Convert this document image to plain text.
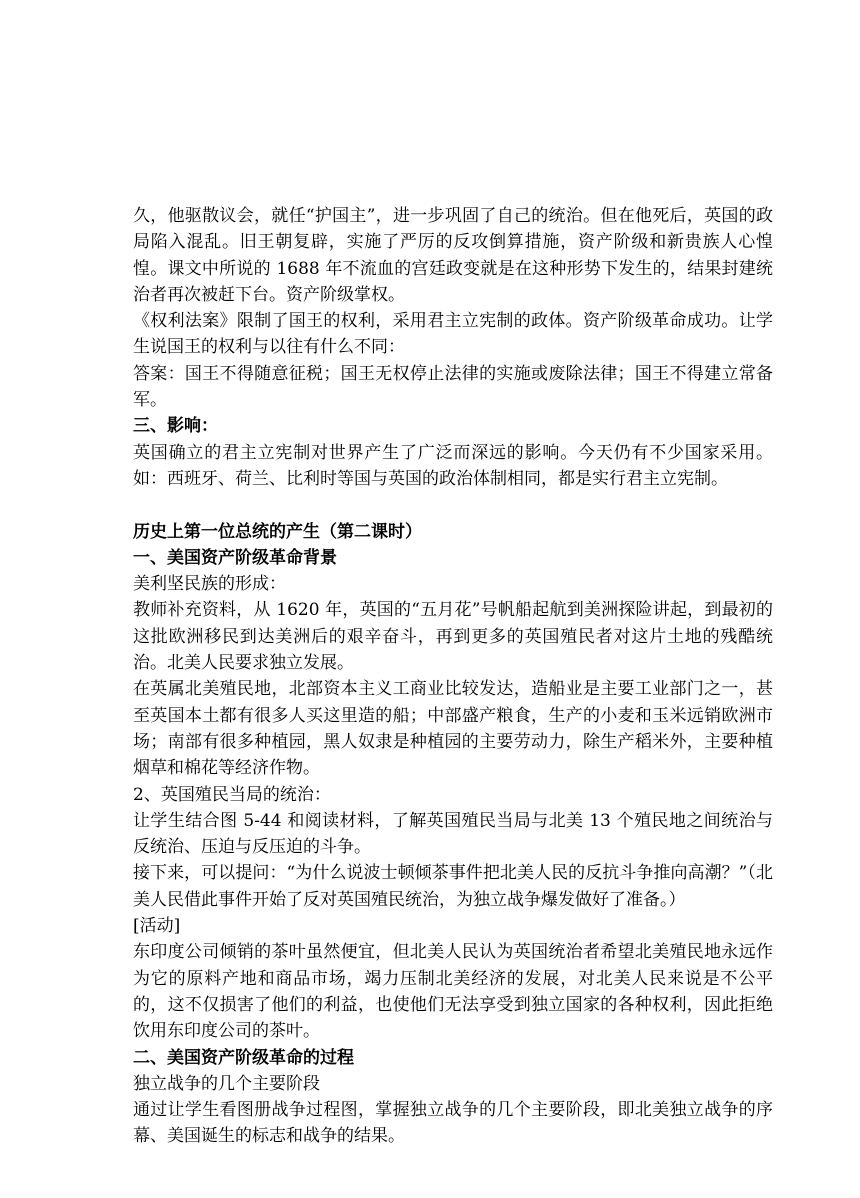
久，他驱散议会，就任“护国主”，进一步巩固了自己的统治。但在他死后，英国的政局陷入混乱。旧王朝复辟，实施了严厉的反攻倒算措施，资产阶级和新贵族人心惶惶。课文中所说的 1688 年不流血的宫廷政变就是在这种形势下发生的，结果封建统治者再次被赶下台。资产阶级掌权。

《权利法案》限制了国王的权利，采用君主立宪制的政体。资产阶级革命成功。让学生说国王的权利与以往有什么不同：

答案：国王不得随意征税；国王无权停止法律的实施或废除法律；国王不得建立常备军。

三、影响：

英国确立的君主立宪制对世界产生了广泛而深远的影响。今天仍有不少国家采用。如：西班牙、荷兰、比利时等国与英国的政治体制相同，都是实行君主立宪制。

历史上第一位总统的产生（第二课时）

一、美国资产阶级革命背景

美利坚民族的形成：

教师补充资料，从 1620 年，英国的“五月花”号帆船起航到美洲探险讲起，到最初的这批欧洲移民到达美洲后的艰辛奋斗，再到更多的英国殖民者对这片土地的残酷统治。北美人民要求独立发展。

在英属北美殖民地，北部资本主义工商业比较发达，造船业是主要工业部门之一，甚至英国本土都有很多人买这里造的船；中部盛产粮食，生产的小麦和玉米远销欧洲市场；南部有很多种植园，黑人奴隶是种植园的主要劳动力，除生产稻米外，主要种植烟草和棉花等经济作物。

2、英国殖民当局的统治：

让学生结合图 5-44 和阅读材料，了解英国殖民当局与北美 13 个殖民地之间统治与反统治、压迫与反压迫的斗争。

接下来，可以提问：“为什么说波士顿倾茶事件把北美人民的反抗斗争推向高潮？”（北美人民借此事件开始了反对英国殖民统治，为独立战争爆发做好了准备。）

[活动]

东印度公司倾销的茶叶虽然便宜，但北美人民认为英国统治者希望北美殖民地永远作为它的原料产地和商品市场，竭力压制北美经济的发展，对北美人民来说是不公平的，这不仅损害了他们的利益，也使他们无法享受到独立国家的各种权利，因此拒绝饮用东印度公司的茶叶。

二、美国资产阶级革命的过程

独立战争的几个主要阶段

通过让学生看图册战争过程图，掌握独立战争的几个主要阶段，即北美独立战争的序幕、美国诞生的标志和战争的结果。
